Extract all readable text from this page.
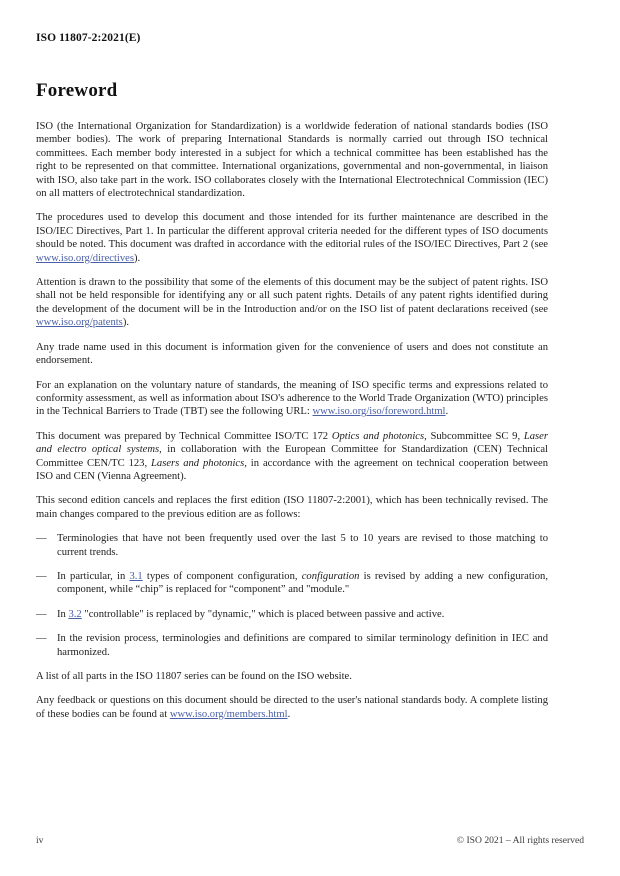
ISO 11807-2:2021(E)
Foreword

ISO (the International Organization for Standardization) is a worldwide federation of national standards bodies (ISO member bodies). The work of preparing International Standards is normally carried out through ISO technical committees. Each member body interested in a subject for which a technical committee has been established has the right to be represented on that committee. International organizations, governmental and non-governmental, in liaison with ISO, also take part in the work. ISO collaborates closely with the International Electrotechnical Commission (IEC) on all matters of electrotechnical standardization.

The procedures used to develop this document and those intended for its further maintenance are described in the ISO/IEC Directives, Part 1. In particular the different approval criteria needed for the different types of ISO documents should be noted. This document was drafted in accordance with the editorial rules of the ISO/IEC Directives, Part 2 (see www.iso.org/directives).

Attention is drawn to the possibility that some of the elements of this document may be the subject of patent rights. ISO shall not be held responsible for identifying any or all such patent rights. Details of any patent rights identified during the development of the document will be in the Introduction and/or on the ISO list of patent declarations received (see www.iso.org/patents).

Any trade name used in this document is information given for the convenience of users and does not constitute an endorsement.

For an explanation on the voluntary nature of standards, the meaning of ISO specific terms and expressions related to conformity assessment, as well as information about ISO's adherence to the World Trade Organization (WTO) principles in the Technical Barriers to Trade (TBT) see the following URL: www.iso.org/iso/foreword.html.

This document was prepared by Technical Committee ISO/TC 172 Optics and photonics, Subcommittee SC 9, Laser and electro optical systems, in collaboration with the European Committee for Standardization (CEN) Technical Committee CEN/TC 123, Lasers and photonics, in accordance with the agreement on technical cooperation between ISO and CEN (Vienna Agreement).

This second edition cancels and replaces the first edition (ISO 11807-2:2001), which has been technically revised. The main changes compared to the previous edition are as follows:

— Terminologies that have not been frequently used over the last 5 to 10 years are revised to those matching to current trends.
— In particular, in 3.1 types of component configuration, configuration is revised by adding a new configuration, component, while “chip” is replaced for “component” and "module."
— In 3.2 "controllable" is replaced by "dynamic," which is placed between passive and active.
— In the revision process, terminologies and definitions are compared to similar terminology definition in IEC and harmonized.

A list of all parts in the ISO 11807 series can be found on the ISO website.

Any feedback or questions on this document should be directed to the user's national standards body. A complete listing of these bodies can be found at www.iso.org/members.html.

iv	© ISO 2021 – All rights reserved
